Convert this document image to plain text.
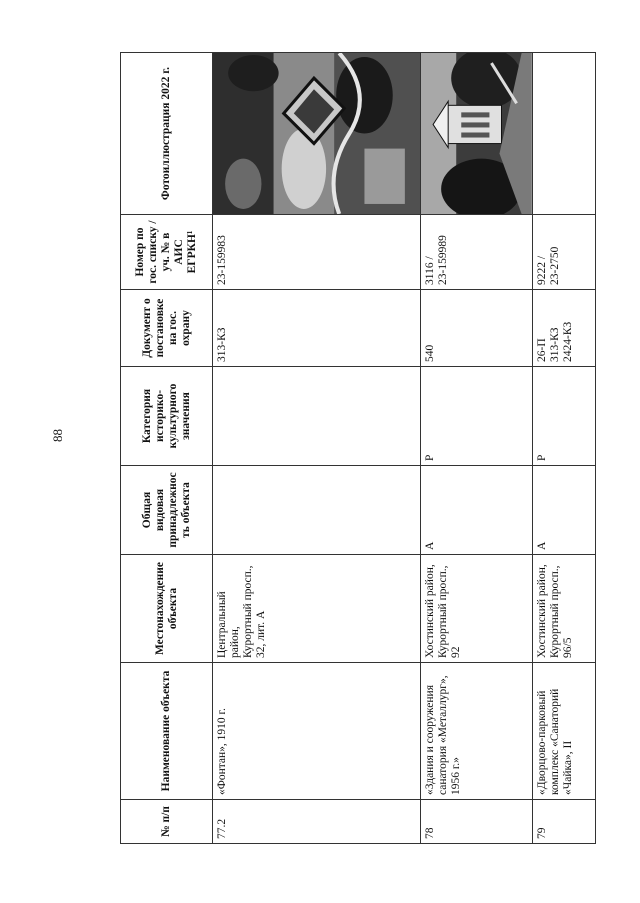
88
№ п/п	Наименование объекта	Местонахождение объекта	Общая видовая принадлежнос ть объекта	Категория историко-культурного значения	Документ о постановке на гос. охрану	Номер по гос. списку /уч. № в АИС ЕГРКН¹	Фотоиллюстрация 2022 г.
77.2	«Фонтан», 1910 г.	Центральный район, Курортный просп., 32, лит. А			313-КЗ	23-159983

78	«Здания и сооружения санатория «Металлург», 1956 г.»	Хостинский район, Курортный просп., 92	А	Р	540	3116 / 23-159989

79	«Дворцово-парковый комплекс «Санаторий «Чайка», II	Хостинский район, Курортный просп., 96/5	А	Р	26-П 313-КЗ 2424-КЗ	9222 / 23-2750	
